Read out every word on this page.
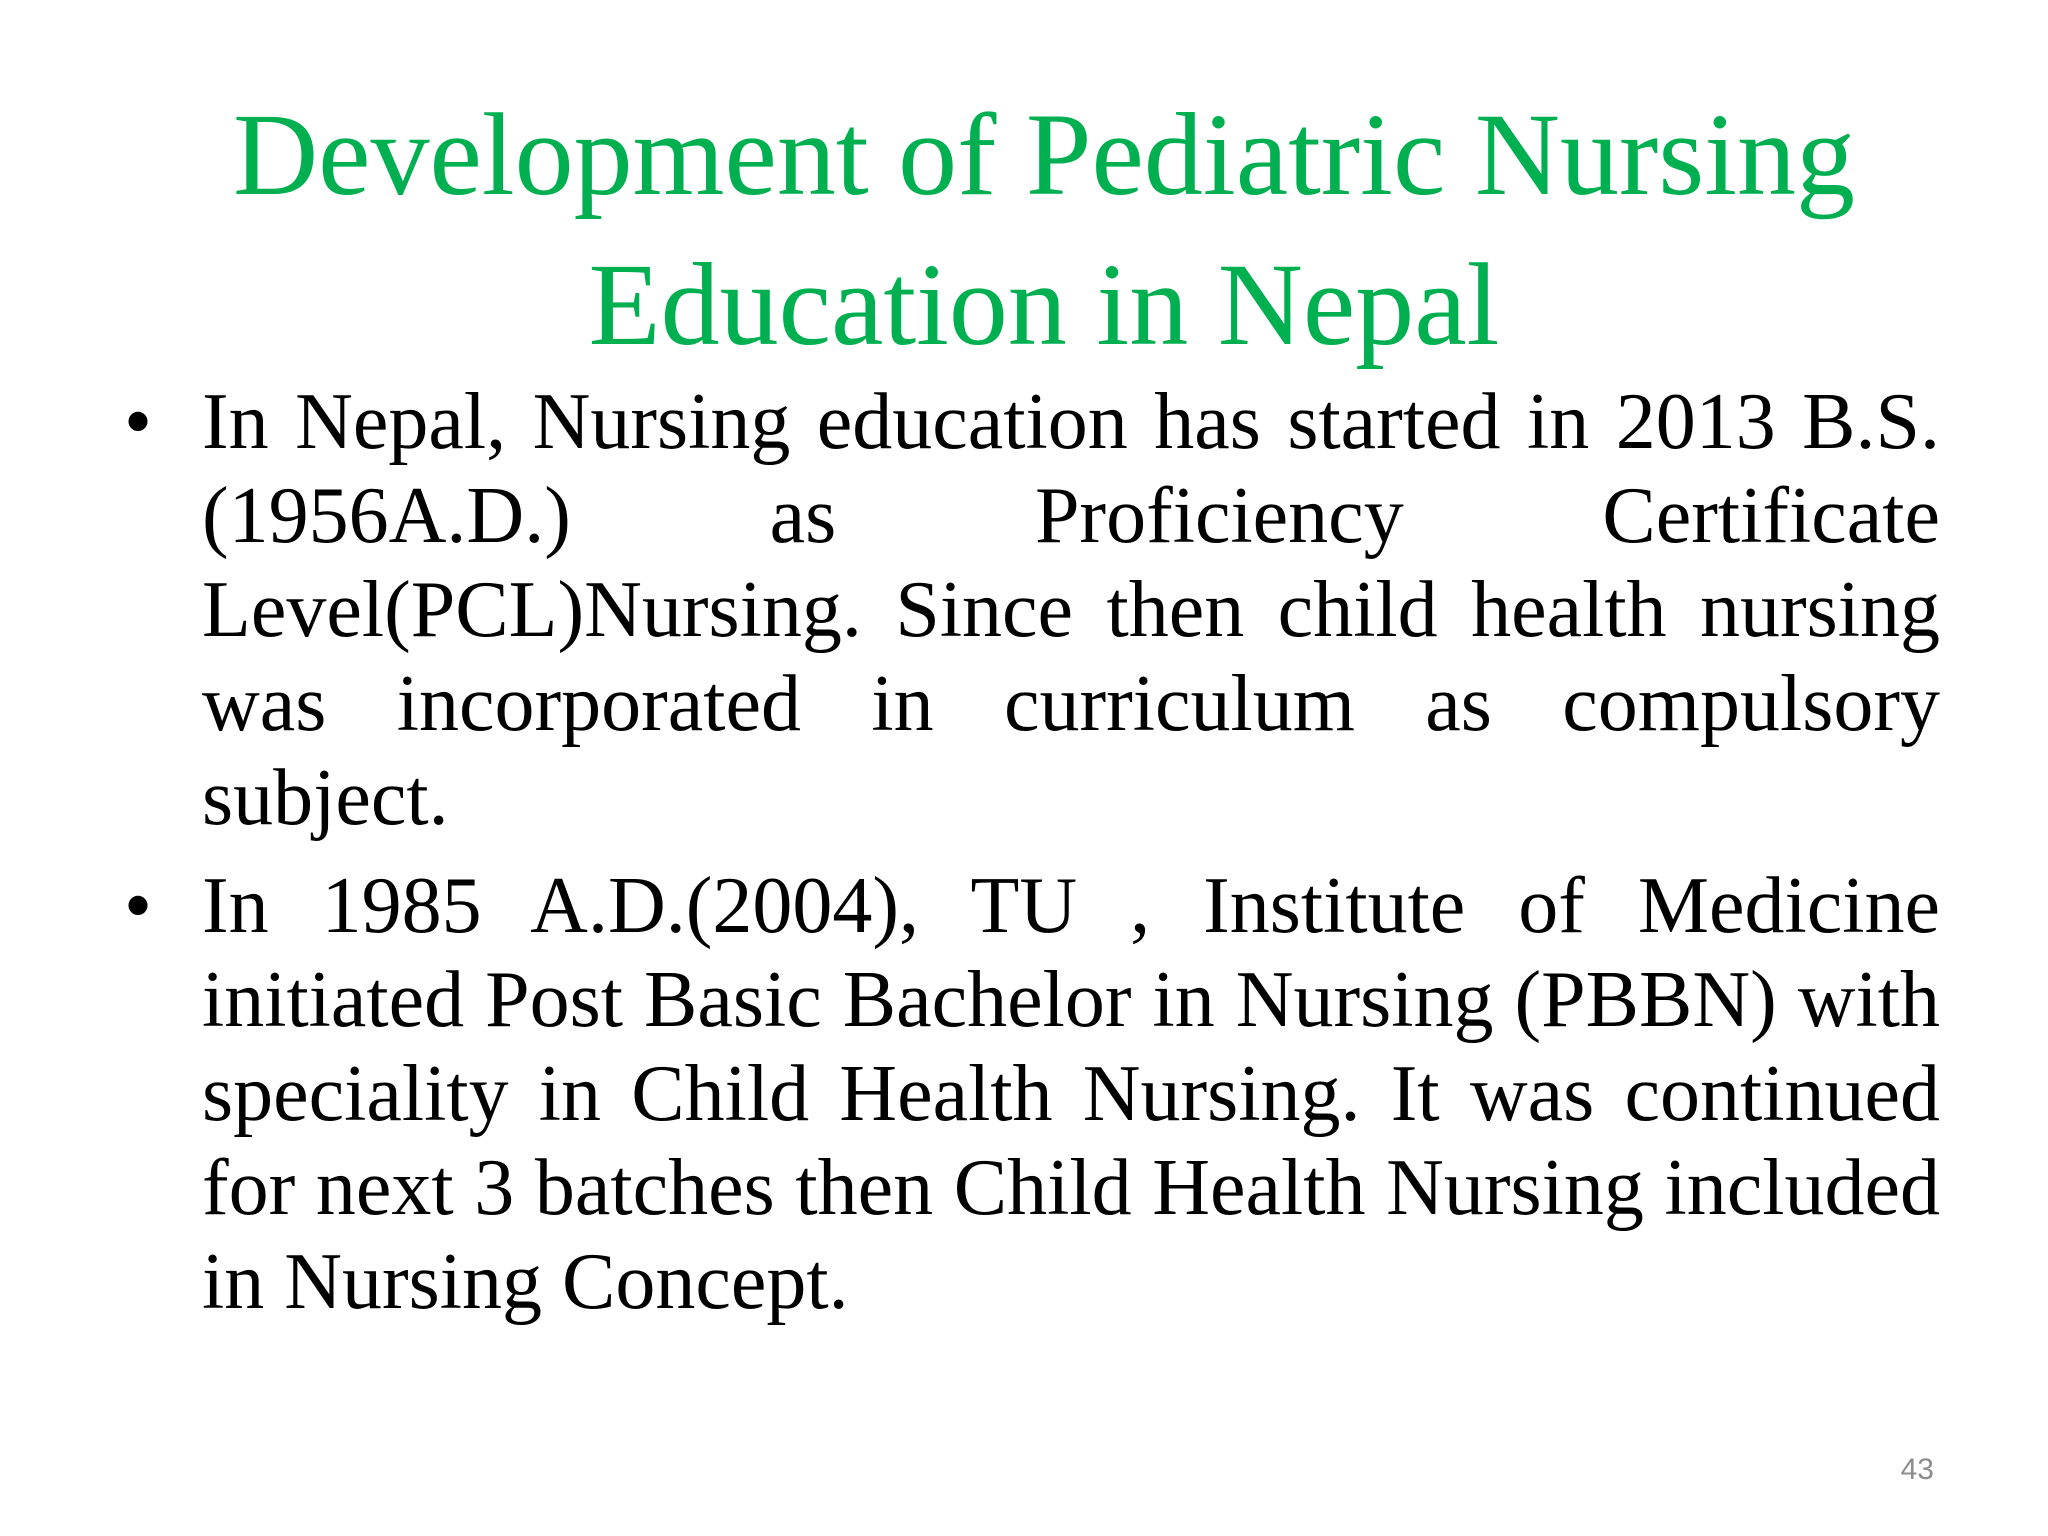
Development of Pediatric Nursing
Education in Nepal
• In Nepal, Nursing education has started in 2013 B.S.(1956A.D.) as Proficiency Certificate Level(PCL)Nursing. Since then child health nursing was incorporated in curriculum as compulsory subject.
• In 1985 A.D.(2004), TU , Institute of Medicine initiated Post Basic Bachelor in Nursing (PBBN) with speciality in Child Health Nursing. It was continued for next 3 batches then Child Health Nursing included in Nursing Concept.
43
